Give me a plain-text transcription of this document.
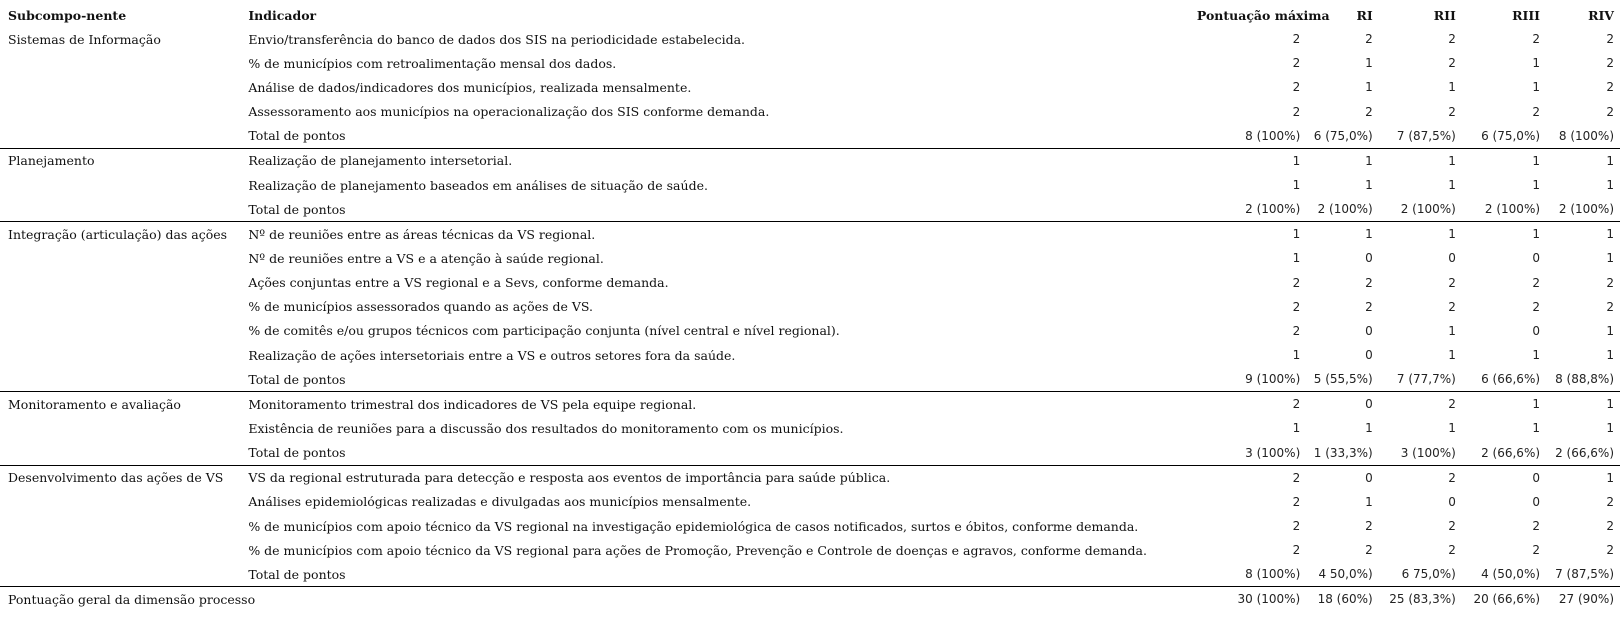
Subcompo-nente	Indicador	Pontuação máxima	RI	RII	RIII	RIV
Sistemas de Informação	Envio/transferência do banco de dados dos SIS na periodicidade estabelecida.	2	2	2	2	2
	% de municípios com retroalimentação mensal dos dados.	2	1	2	1	2
	Análise de dados/indicadores dos municípios, realizada mensalmente.	2	1	1	1	2
	Assessoramento aos municípios na operacionalização dos SIS conforme demanda.	2	2	2	2	2
	Total de pontos	8 (100%)	6 (75,0%)	7 (87,5%)	6 (75,0%)	8 (100%)
Planejamento	Realização de planejamento intersetorial.	1	1	1	1	1
	Realização de planejamento baseados em análises de situação de saúde.	1	1	1	1	1
	Total de pontos	2 (100%)	2 (100%)	2 (100%)	2 (100%)	2 (100%)
Integração (articulação) das ações	Nº de reuniões entre as áreas técnicas da VS regional.	1	1	1	1	1
	Nº de reuniões entre a VS e a atenção à saúde regional.	1	0	0	0	1
	Ações conjuntas entre a VS regional e a Sevs, conforme demanda.	2	2	2	2	2
	% de municípios assessorados quando as ações de VS.	2	2	2	2	2
	% de comitês e/ou grupos técnicos com participação conjunta (nível central e nível regional).	2	0	1	0	1
	Realização de ações intersetoriais entre a VS e outros setores fora da saúde.	1	0	1	1	1
	Total de pontos	9 (100%)	5 (55,5%)	7 (77,7%)	6 (66,6%)	8 (88,8%)
Monitoramento e avaliação	Monitoramento trimestral dos indicadores de VS pela equipe regional.	2	0	2	1	1
	Existência de reuniões para a discussão dos resultados do monitoramento com os municípios.	1	1	1	1	1
	Total de pontos	3 (100%)	1 (33,3%)	3 (100%)	2 (66,6%)	2 (66,6%)
Desenvolvimento das ações de VS	VS da regional estruturada para detecção e resposta aos eventos de importância para saúde pública.	2	0	2	0	1
	Análises epidemiológicas realizadas e divulgadas aos municípios mensalmente.	2	1	0	0	2
	% de municípios com apoio técnico da VS regional na investigação epidemiológica de casos notificados, surtos e óbitos, conforme demanda.	2	2	2	2	2
	% de municípios com apoio técnico da VS regional para ações de Promoção, Prevenção e Controle de doenças e agravos, conforme demanda.	2	2	2	2	2
	Total de pontos	8 (100%)	4 50,0%)	6 75,0%)	4 (50,0%)	7 (87,5%)
Pontuação geral da dimensão processo		30 (100%)	18 (60%)	25 (83,3%)	20 (66,6%)	27 (90%)
